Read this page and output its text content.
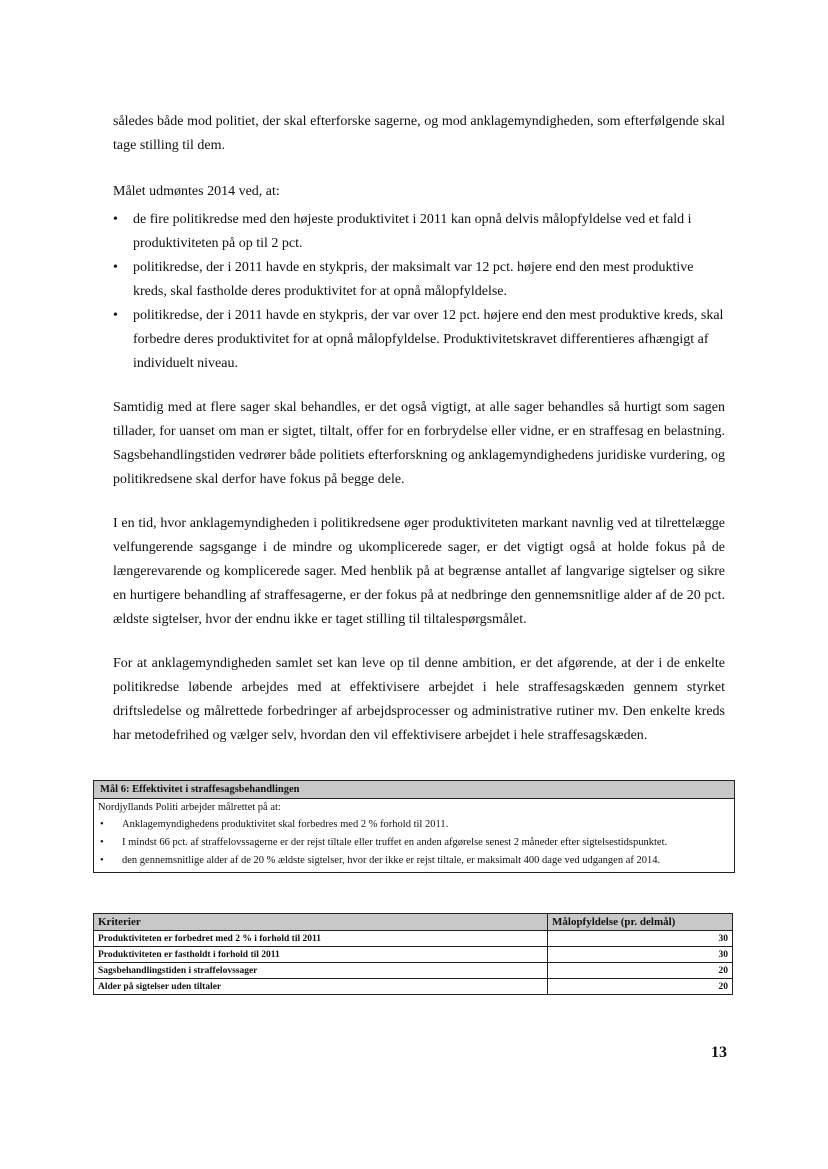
således både mod politiet, der skal efterforske sagerne, og mod anklagemyndigheden, som efterfølgende skal tage stilling til dem.

Målet udmøntes 2014 ved, at:

• de fire politikredse med den højeste produktivitet i 2011 kan opnå delvis målopfyldelse ved et fald i produktiviteten på op til 2 pct.
• politikredse, der i 2011 havde en stykpris, der maksimalt var 12 pct. højere end den mest produktive kreds, skal fastholde deres produktivitet for at opnå målopfyldelse.
• politikredse, der i 2011 havde en stykpris, der var over 12 pct. højere end den mest produktive kreds, skal forbedre deres produktivitet for at opnå målopfyldelse. Produktivitetskravet differentieres afhængigt af individuelt niveau.

Samtidig med at flere sager skal behandles, er det også vigtigt, at alle sager behandles så hurtigt som sagen tillader, for uanset om man er sigtet, tiltalt, offer for en forbrydelse eller vidne, er en straffesag en belastning. Sagsbehandlingstiden vedrører både politiets efterforskning og anklagemyndighedens juridiske vurdering, og politikredsene skal derfor have fokus på begge dele.

I en tid, hvor anklagemyndigheden i politikredsene øger produktiviteten markant navnlig ved at tilrettelægge velfungerende sagsgange i de mindre og ukomplicerede sager, er det vigtigt også at holde fokus på de længerevarende og komplicerede sager. Med henblik på at begrænse antallet af langvarige sigtelser og sikre en hurtigere behandling af straffesagerne, er der fokus på at nedbringe den gennemsnitlige alder af de 20 pct. ældste sigtelser, hvor der endnu ikke er taget stilling til tiltalespørgsmålet.

For at anklagemyndigheden samlet set kan leve op til denne ambition, er det afgørende, at der i de enkelte politikredse løbende arbejdes med at effektivisere arbejdet i hele straffesagskæden gennem styrket driftsledelse og målrettede forbedringer af arbejdsprocesser og administrative rutiner mv. Den enkelte kreds har metodefrihed og vælger selv, hvordan den vil effektivisere arbejdet i hele straffesagskæden.

Mål 6: Effektivitet i straffesagsbehandlingen
Nordjyllands Politi arbejder målrettet på at:
• Anklagemyndighedens produktivitet skal forbedres med 2 % forhold til 2011.
• I mindst 66 pct. af straffelovssagerne er der rejst tiltale eller truffet en anden afgørelse senest 2 måneder efter sigtelsestidspunktet.
• den gennemsnitlige alder af de 20 % ældste sigtelser, hvor der ikke er rejst tiltale, er maksimalt 400 dage ved udgangen af 2014.
Kriterier	Målopfyldelse (pr. delmål)
Produktiviteten er forbedret med 2 % i forhold til 2011	30
Produktiviteten er fastholdt i forhold til 2011	30
Sagsbehandlingstiden i straffelovssager	20
Alder på sigtelser uden tiltaler	20
13
